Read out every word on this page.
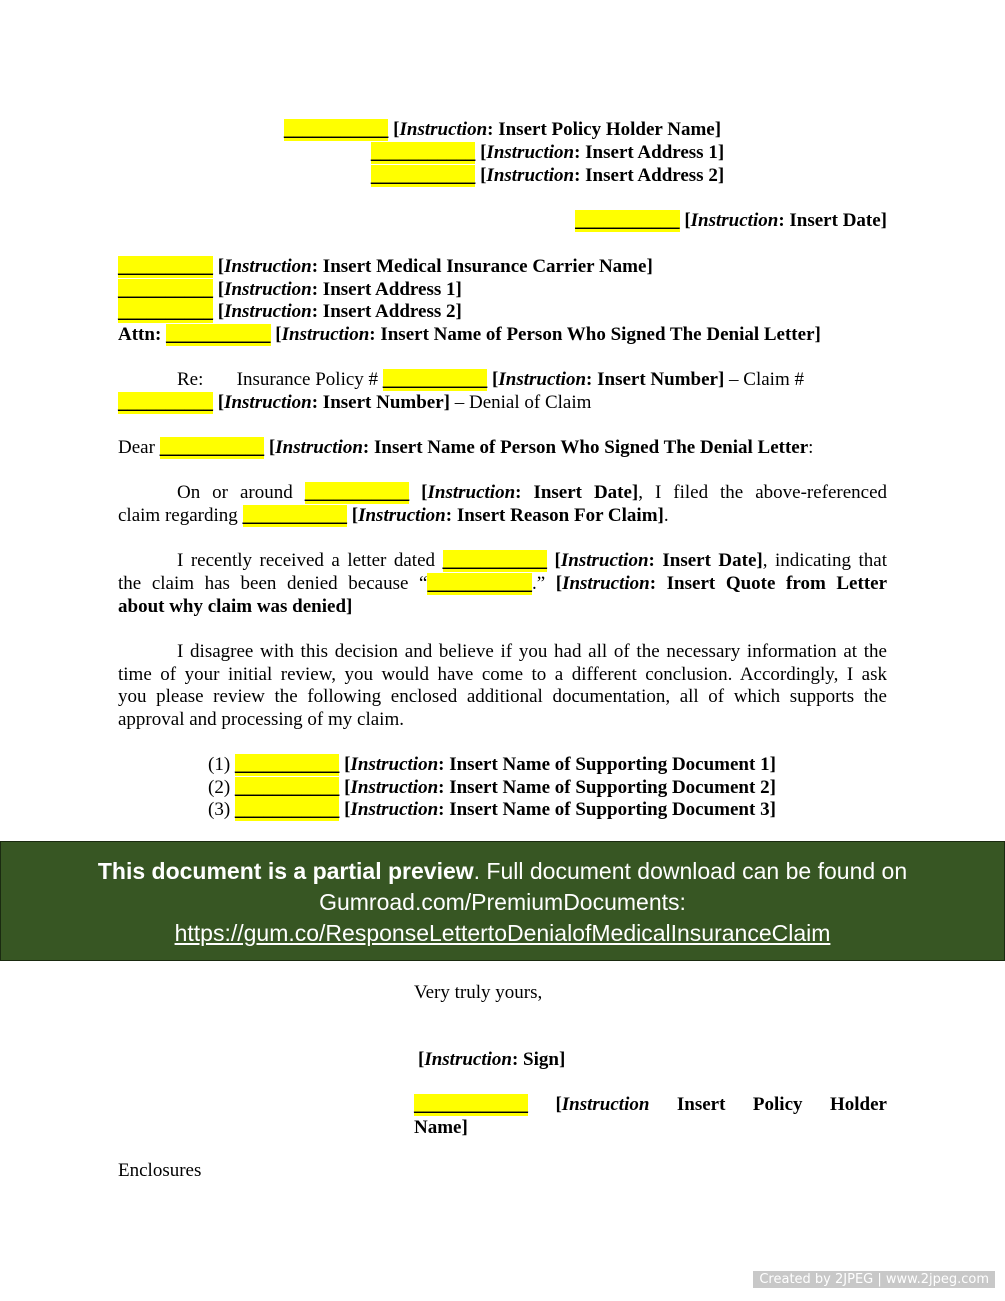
___________ [Instruction: Insert Policy Holder Name]
___________ [Instruction: Insert Address 1]
___________ [Instruction: Insert Address 2]
___________ [Instruction: Insert Date]
__________ [Instruction: Insert Medical Insurance Carrier Name]
__________ [Instruction: Insert Address 1]
__________ [Instruction: Insert Address 2]
Attn: ___________ [Instruction: Insert Name of Person Who Signed The Denial Letter]
Re: Insurance Policy # ___________ [Instruction: Insert Number] – Claim #
__________ [Instruction: Insert Number] – Denial of Claim
Dear ___________ [Instruction: Insert Name of Person Who Signed The Denial Letter:
On or around ___________ [Instruction: Insert Date], I filed the above-referenced
claim regarding ___________ [Instruction: Insert Reason For Claim].
I recently received a letter dated ___________ [Instruction: Insert Date], indicating that
the claim has been denied because “___________.” [Instruction: Insert Quote from Letter
about why claim was denied]
I disagree with this decision and believe if you had all of the necessary information at the
time of your initial review, you would have come to a different conclusion. Accordingly, I ask
you please review the following enclosed additional documentation, all of which supports the
approval and processing of my claim.
(1) ___________ [Instruction: Insert Name of Supporting Document 1]
(2) ___________ [Instruction: Insert Name of Supporting Document 2]
(3) ___________ [Instruction: Insert Name of Supporting Document 3]
This document is a partial preview. Full document download can be found on
Gumroad.com/PremiumDocuments:
https://gum.co/ResponseLettertoDenialofMedicalInsuranceClaim
Very truly yours,
[Instruction: Sign]
____________ [Instruction Insert Policy Holder
Name]
Enclosures
Created by 2JPEG | www.2jpeg.com
